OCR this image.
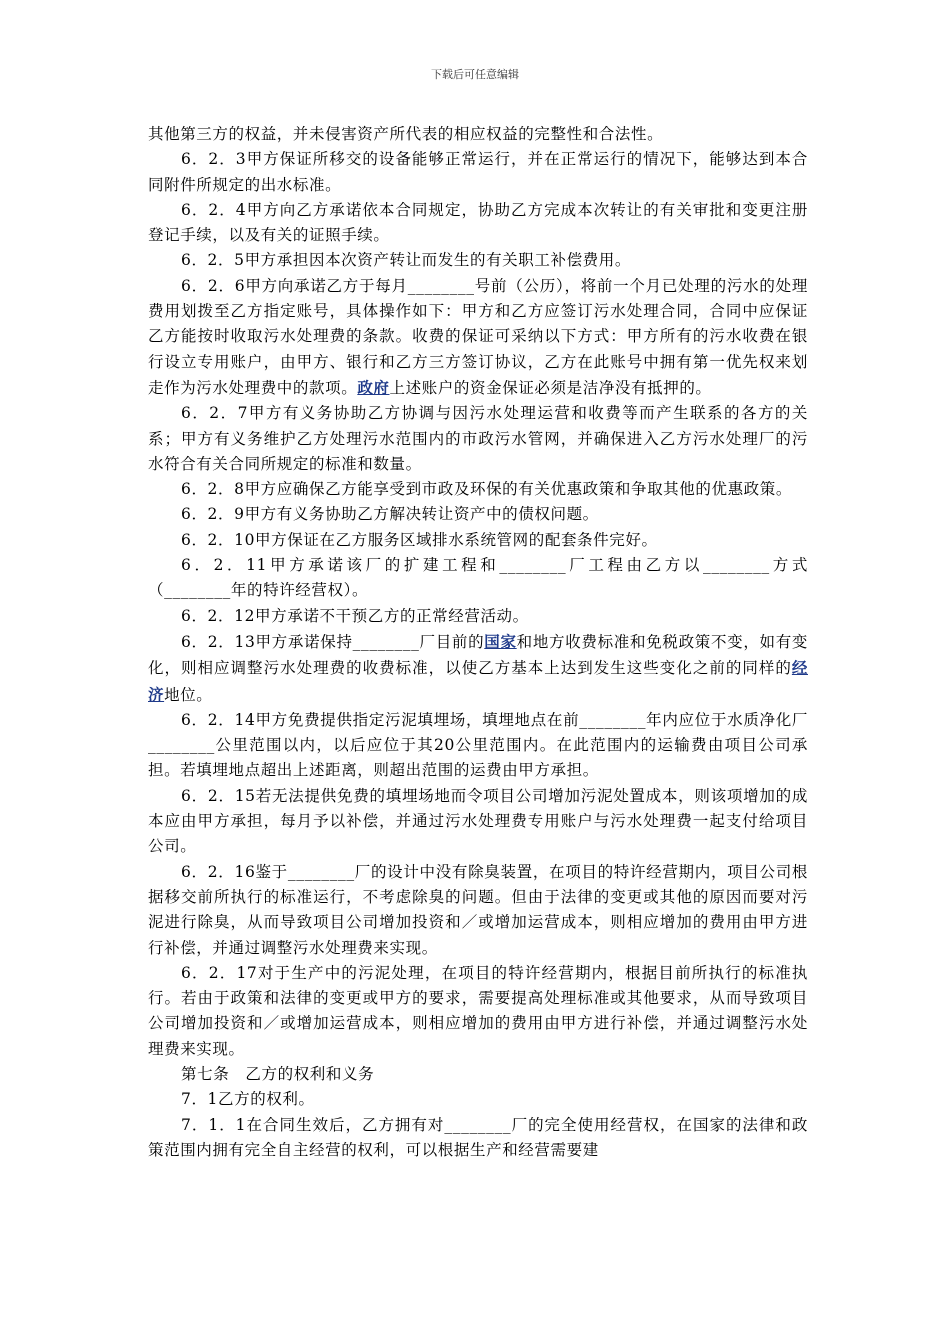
下载后可任意编辑

其他第三方的权益，并未侵害资产所代表的相应权益的完整性和合法性。

6．2．3甲方保证所移交的设备能够正常运行，并在正常运行的情况下，能够达到本合同附件所规定的出水标准。

6．2．4甲方向乙方承诺依本合同规定，协助乙方完成本次转让的有关审批和变更注册登记手续，以及有关的证照手续。

6．2．5甲方承担因本次资产转让而发生的有关职工补偿费用。

6．2．6甲方向承诺乙方于每月________号前（公历），将前一个月已处理的污水的处理费用划拨至乙方指定账号，具体操作如下：甲方和乙方应签订污水处理合同，合同中应保证乙方能按时收取污水处理费的条款。收费的保证可采纳以下方式：甲方所有的污水收费在银行设立专用账户，由甲方、银行和乙方三方签订协议，乙方在此账号中拥有第一优先权来划走作为污水处理费中的款项。政府上述账户的资金保证必须是洁净没有抵押的。

6．2．7甲方有义务协助乙方协调与因污水处理运营和收费等而产生联系的各方的关系；甲方有义务维护乙方处理污水范围内的市政污水管网，并确保进入乙方污水处理厂的污水符合有关合同所规定的标准和数量。

6．2．8甲方应确保乙方能享受到市政及环保的有关优惠政策和争取其他的优惠政策。

6．2．9甲方有义务协助乙方解决转让资产中的债权问题。

6．2．10甲方保证在乙方服务区域排水系统管网的配套条件完好。

6．2．11甲方承诺该厂的扩建工程和________厂工程由乙方以________方式（________年的特许经营权）。

6．2．12甲方承诺不干预乙方的正常经营活动。

6．2．13甲方承诺保持________厂目前的国家和地方收费标准和免税政策不变，如有变化，则相应调整污水处理费的收费标准，以使乙方基本上达到发生这些变化之前的同样的经济地位。

6．2．14甲方免费提供指定污泥填埋场，填埋地点在前________年内应位于水质净化厂________公里范围以内，以后应位于其20公里范围内。在此范围内的运输费由项目公司承担。若填埋地点超出上述距离，则超出范围的运费由甲方承担。

6．2．15若无法提供免费的填埋场地而令项目公司增加污泥处置成本，则该项增加的成本应由甲方承担，每月予以补偿，并通过污水处理费专用账户与污水处理费一起支付给项目公司。

6．2．16鉴于________厂的设计中没有除臭装置，在项目的特许经营期内，项目公司根据移交前所执行的标准运行，不考虑除臭的问题。但由于法律的变更或其他的原因而要对污泥进行除臭，从而导致项目公司增加投资和／或增加运营成本，则相应增加的费用由甲方进行补偿，并通过调整污水处理费来实现。

6．2．17对于生产中的污泥处理，在项目的特许经营期内，根据目前所执行的标准执行。若由于政策和法律的变更或甲方的要求，需要提高处理标准或其他要求，从而导致项目公司增加投资和／或增加运营成本，则相应增加的费用由甲方进行补偿，并通过调整污水处理费来实现。

第七条　乙方的权利和义务

7．1乙方的权利。

7．1．1在合同生效后，乙方拥有对________厂的完全使用经营权，在国家的法律和政策范围内拥有完全自主经营的权利，可以根据生产和经营需要建
